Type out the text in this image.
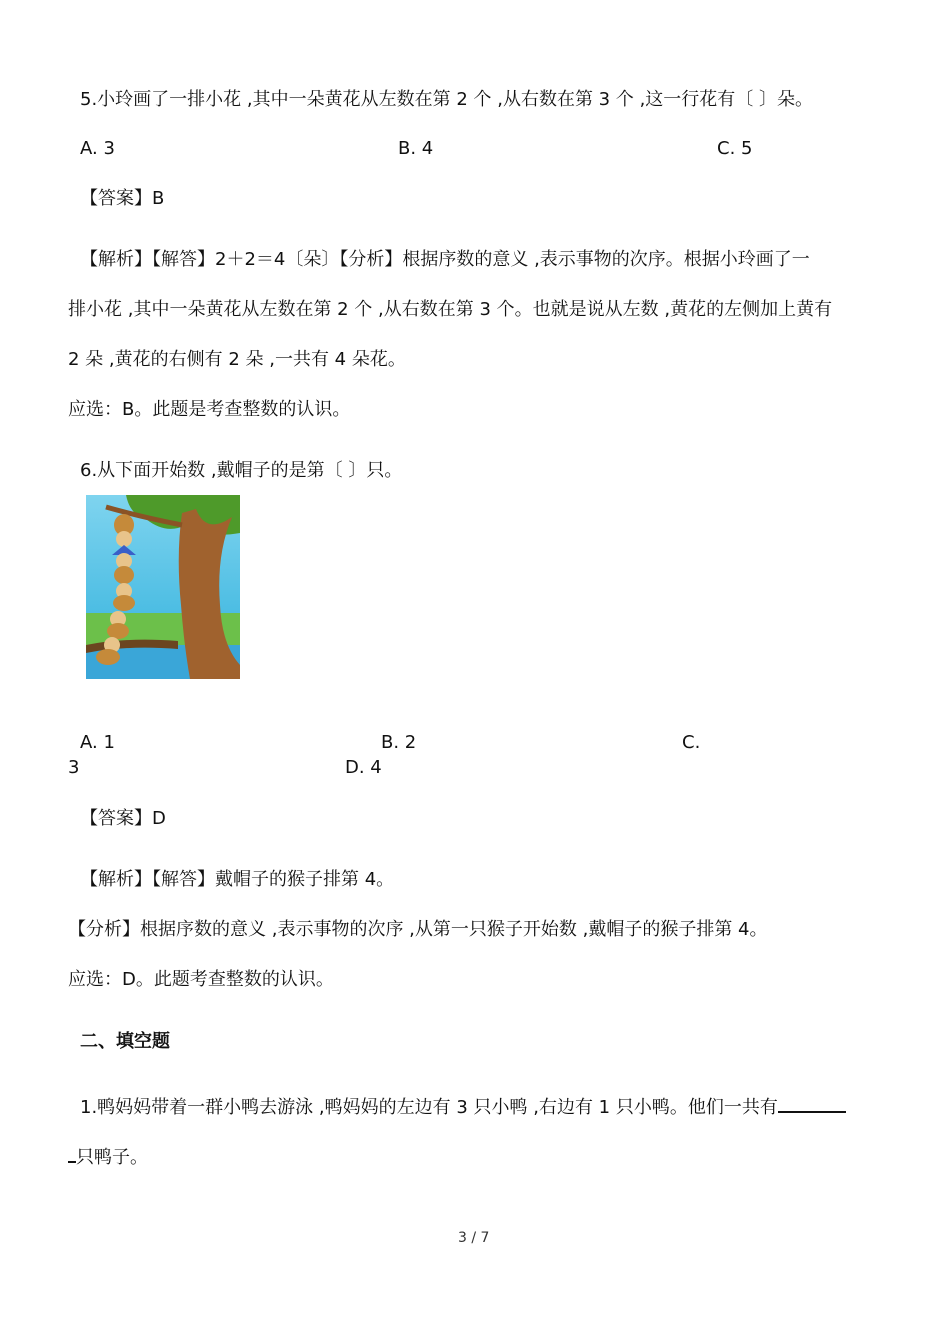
5.小玲画了一排小花 ,其中一朵黄花从左数在第 2 个 ,从右数在第 3 个 ,这一行花有〔 〕朵。
A. 3	B. 4	C. 5
【答案】B
【解析】【解答】2＋2＝4〔朵〕【分析】根据序数的意义 ,表示事物的次序。根据小玲画了一
排小花 ,其中一朵黄花从左数在第 2 个 ,从右数在第 3 个。也就是说从左数 ,黄花的左侧加上黄有
2 朵 ,黄花的右侧有 2 朵 ,一共有 4 朵花。
应选：B。此题是考查整数的认识。
6.从下面开始数 ,戴帽子的是第〔 〕只。
A. 1	B. 2	C.
3	D. 4
【答案】D
【解析】【解答】戴帽子的猴子排第 4。
【分析】根据序数的意义 ,表示事物的次序 ,从第一只猴子开始数 ,戴帽子的猴子排第 4。
应选：D。此题考查整数的认识。
二、填空题
1.鸭妈妈带着一群小鸭去游泳 ,鸭妈妈的左边有 3 只小鸭 ,右边有 1 只小鸭。他们一共有
只鸭子。
3 / 7
